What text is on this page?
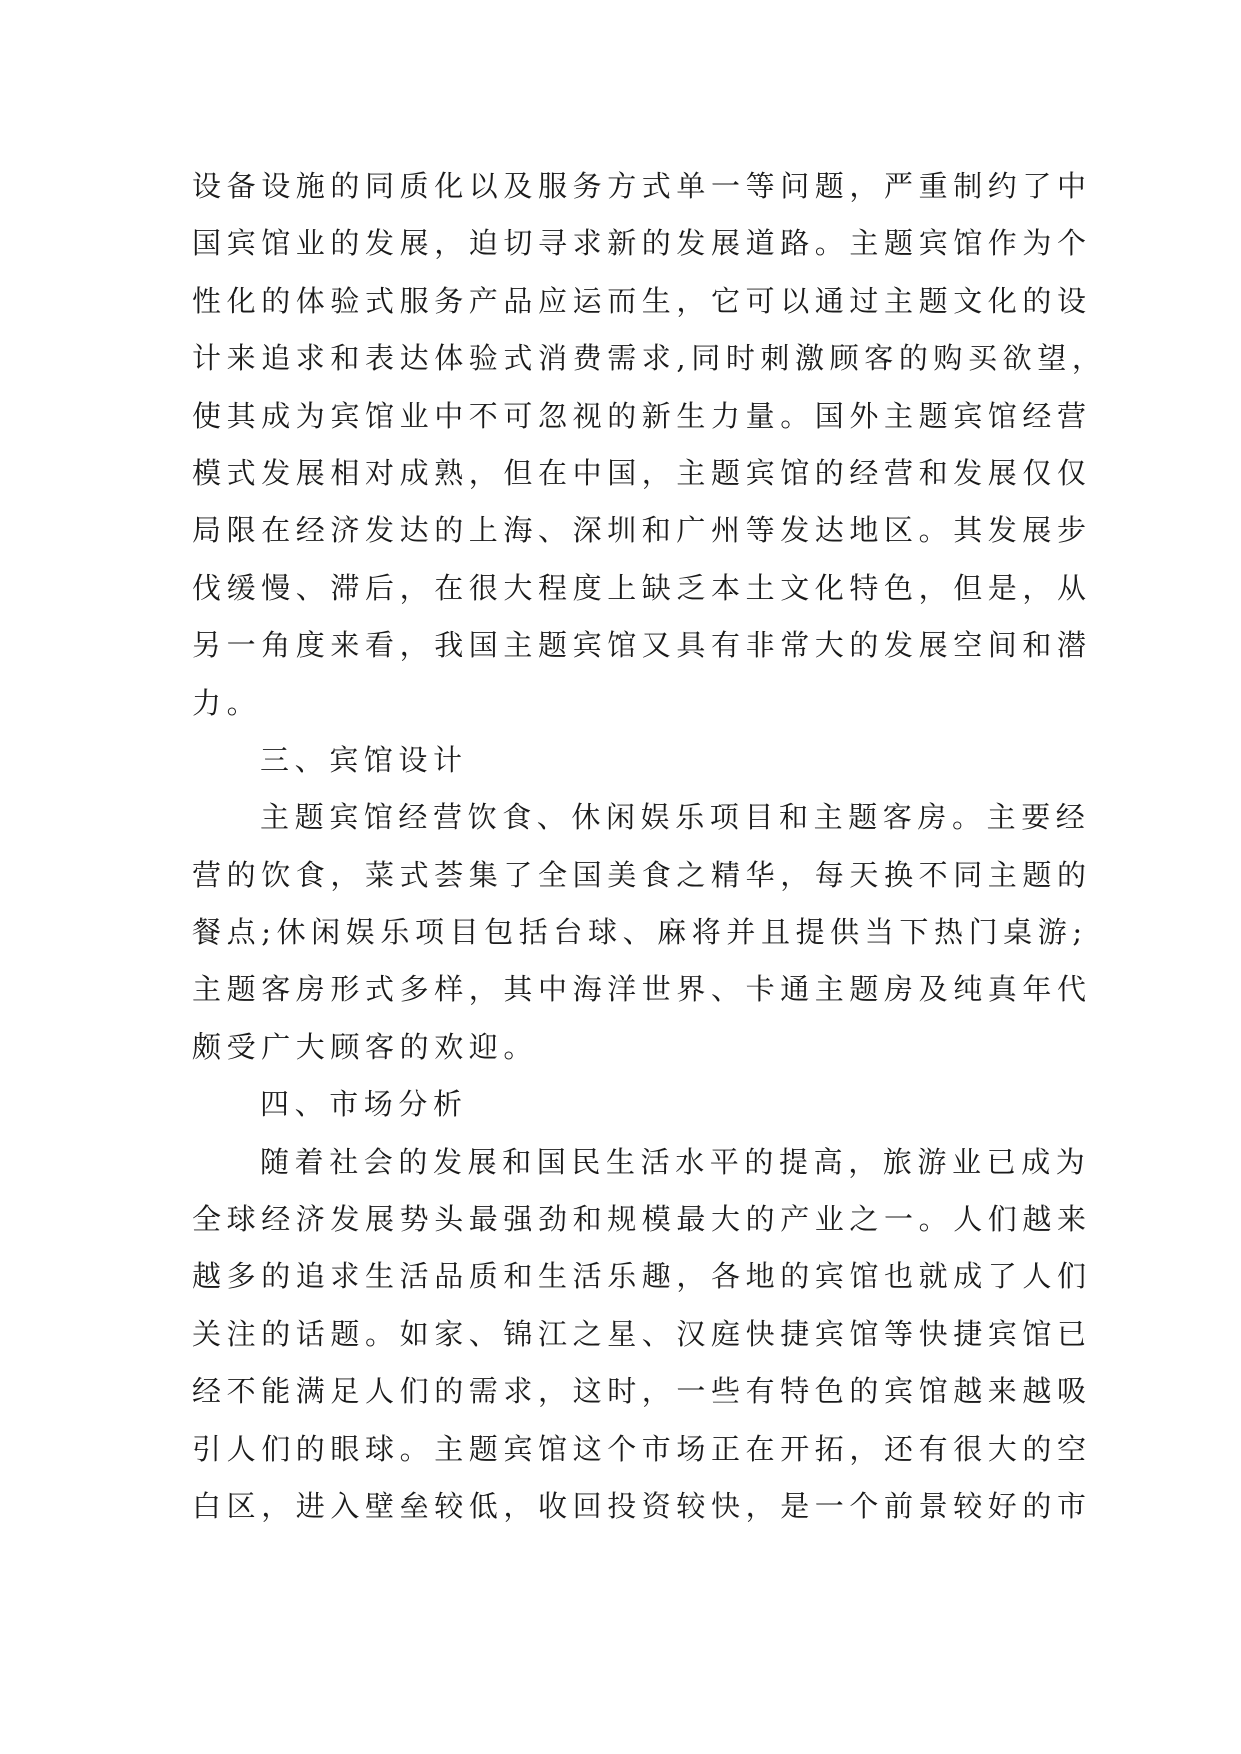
设备设施的同质化以及服务方式单一等问题，严重制约了中
国宾馆业的发展，迫切寻求新的发展道路。主题宾馆作为个
性化的体验式服务产品应运而生，它可以通过主题文化的设
计来追求和表达体验式消费需求,同时刺激顾客的购买欲望，
使其成为宾馆业中不可忽视的新生力量。国外主题宾馆经营
模式发展相对成熟，但在中国，主题宾馆的经营和发展仅仅
局限在经济发达的上海、深圳和广州等发达地区。其发展步
伐缓慢、滞后，在很大程度上缺乏本土文化特色，但是，从
另一角度来看，我国主题宾馆又具有非常大的发展空间和潜
力。
三、宾馆设计
主题宾馆经营饮食、休闲娱乐项目和主题客房。主要经
营的饮食，菜式荟集了全国美食之精华，每天换不同主题的
餐点;休闲娱乐项目包括台球、麻将并且提供当下热门桌游;
主题客房形式多样，其中海洋世界、卡通主题房及纯真年代
颇受广大顾客的欢迎。
四、市场分析
随着社会的发展和国民生活水平的提高，旅游业已成为
全球经济发展势头最强劲和规模最大的产业之一。人们越来
越多的追求生活品质和生活乐趣，各地的宾馆也就成了人们
关注的话题。如家、锦江之星、汉庭快捷宾馆等快捷宾馆已
经不能满足人们的需求，这时，一些有特色的宾馆越来越吸
引人们的眼球。主题宾馆这个市场正在开拓，还有很大的空
白区，进入壁垒较低，收回投资较快，是一个前景较好的市
